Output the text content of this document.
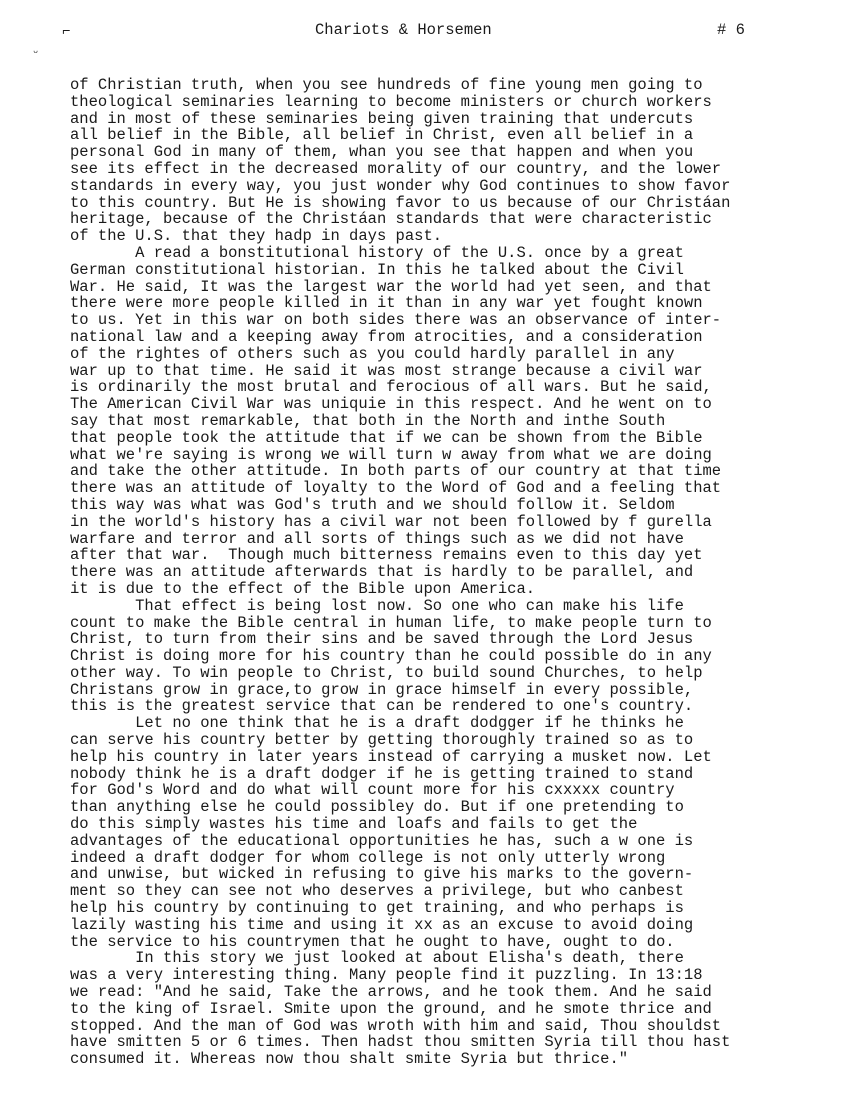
Chariots & Horsemen	# 6
⌐
ᵕ
of Christian truth, when you see hundreds of fine young men going to
theological seminaries learning to become ministers or church workers
and in most of these seminaries being given training that undercuts
all belief in the Bible, all belief in Christ, even all belief in a
personal God in many of them, whan you see that happen and when you
see its effect in the decreased morality of our country, and the lower
standards in every way, you just wonder why God continues to show favor
to this country. But He is showing favor to us because of our Christáan
heritage, because of the Christáan standards that were characteristic
of the U.S. that they hadp in days past.
A read a bonstitutional history of the U.S. once by a great
German constitutional historian. In this he talked about the Civil
War. He said, It was the largest war the world had yet seen, and that
there were more people killed in it than in any war yet fought known
to us. Yet in this war on both sides there was an observance of inter-
national law and a keeping away from atrocities, and a consideration
of the rightes of others such as you could hardly parallel in any
war up to that time. He said it was most strange because a civil war
is ordinarily the most brutal and ferocious of all wars. But he said,
The American Civil War was uniquie in this respect. And he went on to
say that most remarkable, that both in the North and inthe South
that people took the attitude that if we can be shown from the Bible
what we're saying is wrong we will turn w away from what we are doing
and take the other attitude. In both parts of our country at that time
there was an attitude of loyalty to the Word of God and a feeling that
this way was what was God's truth and we should follow it. Seldom
in the world's history has a civil war not been followed by f gurella
warfare and terror and all sorts of things such as we did not have
after that war.  Though much bitterness remains even to this day yet
there was an attitude afterwards that is hardly to be parallel, and
it is due to the effect of the Bible upon America.
That effect is being lost now. So one who can make his life
count to make the Bible central in human life, to make people turn to
Christ, to turn from their sins and be saved through the Lord Jesus
Christ is doing more for his country than he could possible do in any
other way. To win people to Christ, to build sound Churches, to help
Christans grow in grace,to grow in grace himself in every possible,
this is the greatest service that can be rendered to one's country.
Let no one think that he is a draft dodgger if he thinks he
can serve his country better by getting thoroughly trained so as to
help his country in later years instead of carrying a musket now. Let
nobody think he is a draft dodger if he is getting trained to stand
for God's Word and do what will count more for his cxxxxx country
than anything else he could possibley do. But if one pretending to
do this simply wastes his time and loafs and fails to get the
advantages of the educational opportunities he has, such a w one is
indeed a draft dodger for whom college is not only utterly wrong
and unwise, but wicked in refusing to give his marks to the govern-
ment so they can see not who deserves a privilege, but who canbest
help his country by continuing to get training, and who perhaps is
lazily wasting his time and using it xx as an excuse to avoid doing
the service to his countrymen that he ought to have, ought to do.
In this story we just looked at about Elisha's death, there
was a very interesting thing. Many people find it puzzling. In 13:18
we read: "And he said, Take the arrows, and he took them. And he said
to the king of Israel. Smite upon the ground, and he smote thrice and
stopped. And the man of God was wroth with him and said, Thou shouldst
have smitten 5 or 6 times. Then hadst thou smitten Syria till thou hast
consumed it. Whereas now thou shalt smite Syria but thrice."
